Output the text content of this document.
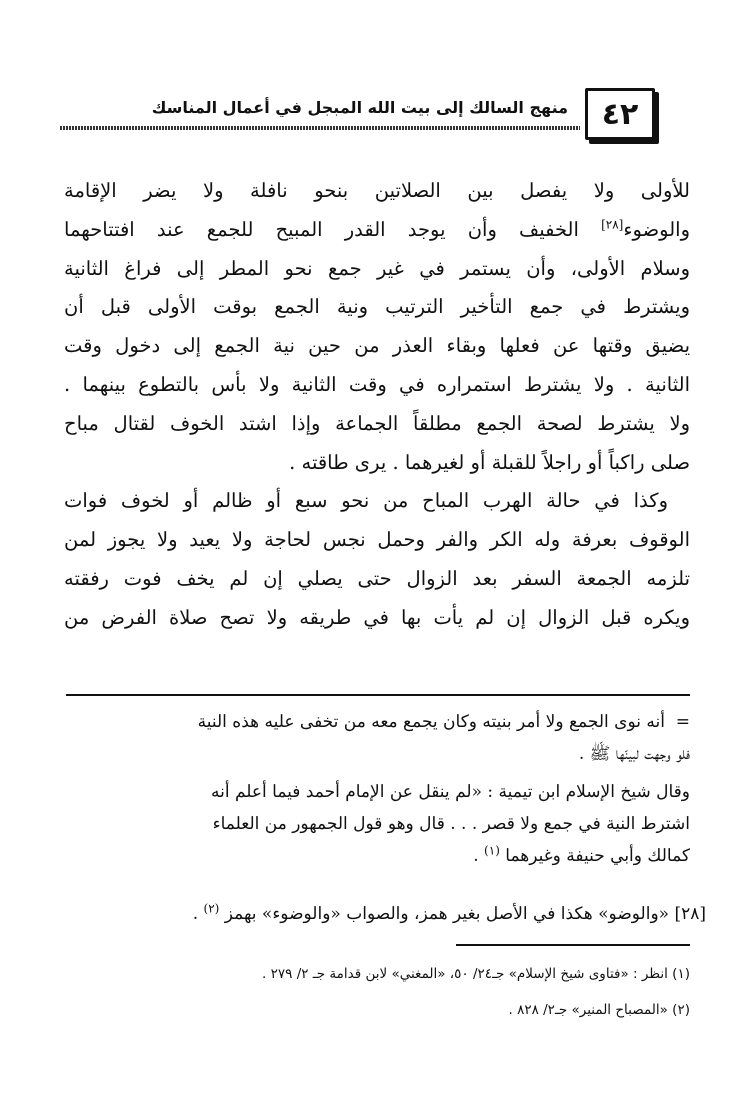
٤٢
منهج السالك إلى بيت الله المبجل في أعمال المناسك

للأولى ولا يفصل بين الصلاتين بنحو نافلة ولا يضر الإقامة

والوضوء[٢٨] الخفيف وأن يوجد القدر المبيح للجمع عند افتتاحهما

وسلام الأولى، وأن يستمر في غير جمع نحو المطر إلى فراغ الثانية

ويشترط في جمع التأخير الترتيب ونية الجمع بوقت الأولى قبل أن

يضيق وقتها عن فعلها وبقاء العذر من حين نية الجمع إلى دخول وقت

الثانية . ولا يشترط استمراره في وقت الثانية ولا بأس بالتطوع بينهما .

ولا يشترط لصحة الجمع مطلقاً الجماعة وإذا اشتد الخوف لقتال مباح

صلى راكباً أو راجلاً للقبلة أو لغيرهما . يرى طاقته .

وكذا في حالة الهرب المباح من نحو سبع أو ظالم أو لخوف فوات

الوقوف بعرفة وله الكر والفر وحمل نجس لحاجة ولا يعيد ولا يجوز لمن

تلزمه الجمعة السفر بعد الزوال حتى يصلي إن لم يخف فوت رفقته

ويكره قبل الزوال إن لم يأت بها في طريقه ولا تصح صلاة الفرض من

=  أنه نوى الجمع ولا أمر بنيته وكان يجمع معه من تخفى عليه هذه النية

فلو وجهت لبينّها ﷺ .

وقال شيخ الإسلام ابن تيمية : «لم ينقل عن الإمام أحمد فيما أعلم أنه

اشترط النية في جمع ولا قصر . . . قال وهو قول الجمهور من العلماء

كمالك وأبي حنيفة وغيرهما $^{(١)}$ .

[٢٨] «والوضو» هكذا في الأصل بغير همز، والصواب «والوضوء» بهمز $^{(٢)}$ .

(١) انظر : «فتاوى شيخ الإسلام» جـ٢٤/ ٥٠، «المغني» لابن قدامة جـ ٢/ ٢٧٩ .

(٢) «المصباح المنير» جـ٢/ ٨٢٨ .
